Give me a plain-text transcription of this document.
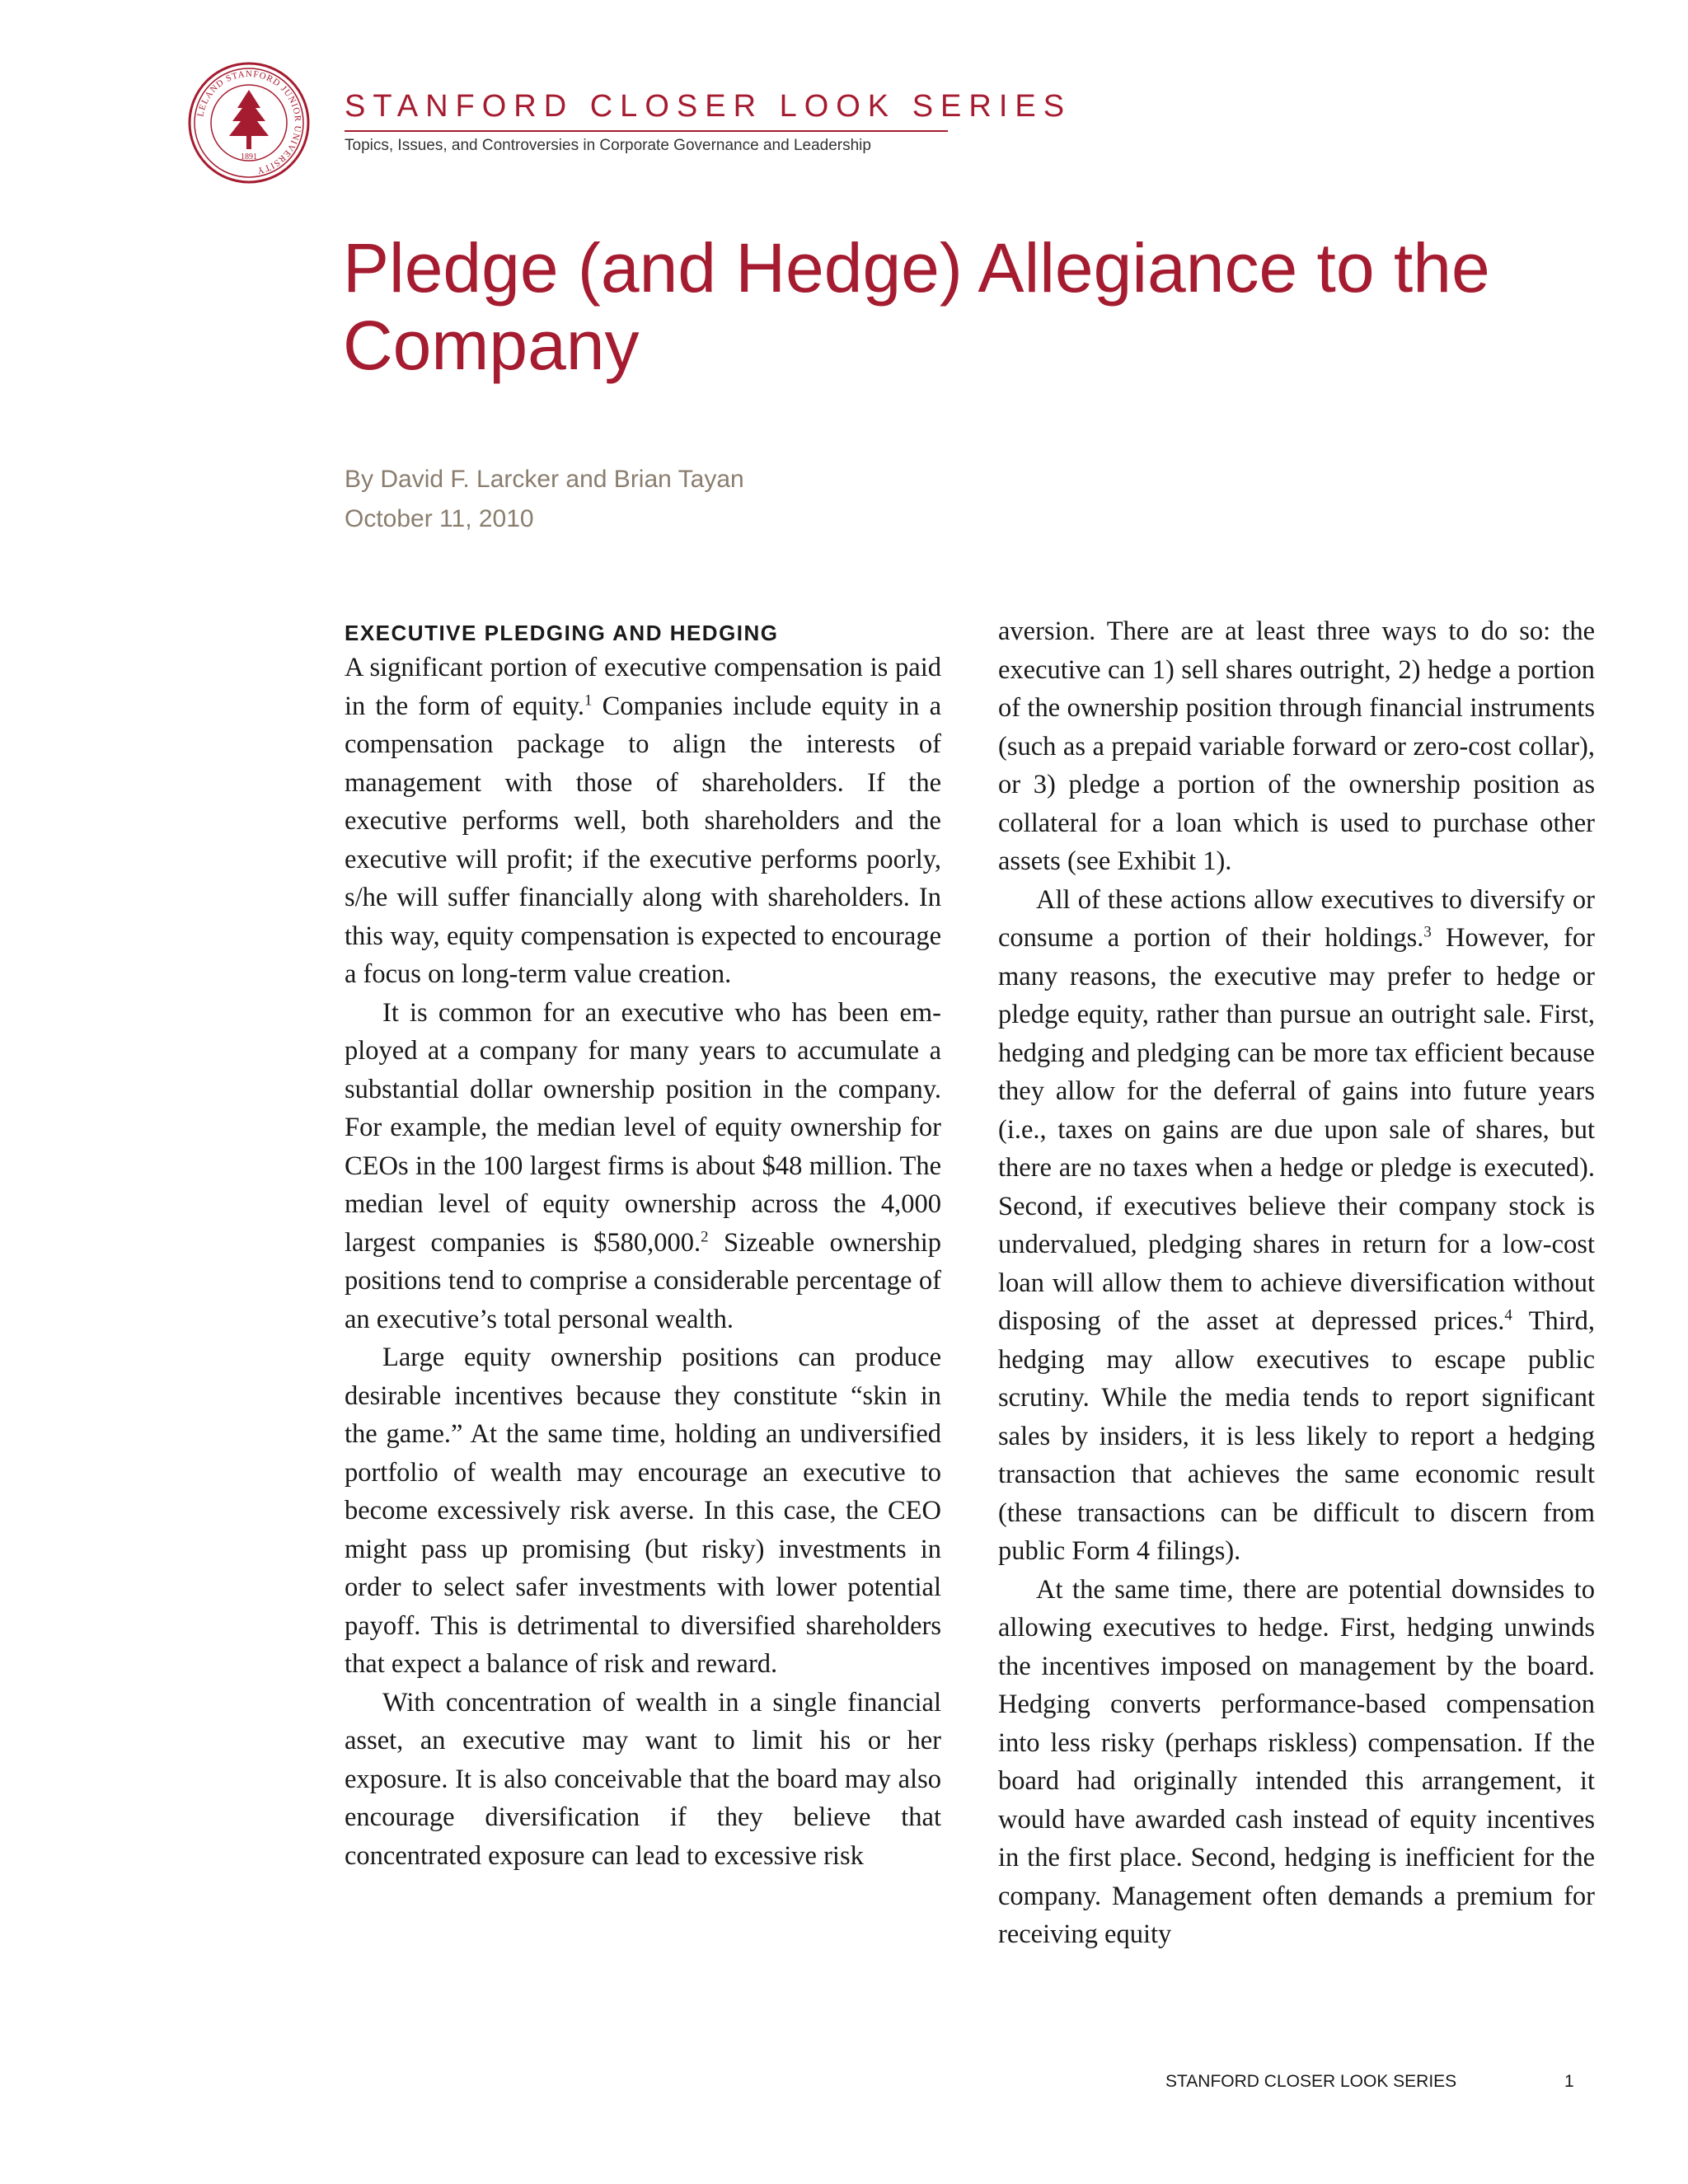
LELAND STANFORD JUNIOR UNIVERSITY
1891
STANFORD CLOSER LOOK SERIES
Topics, Issues, and Controversies in Corporate Governance and Leadership
Pledge (and Hedge) Allegiance to the Company
By David F. Larcker and Brian Tayan
October 11, 2010
EXECUTIVE PLEDGING AND HEDGING

A significant portion of executive compensation is paid in the form of equity.$^1$ Companies include equity in a compensation package to align the interests of management with those of shareholders. If the executive performs well, both shareholders and the executive will profit; if the executive performs poorly, s/he will suffer financially along with shareholders. In this way, equity compensation is expected to encourage a focus on long-term value creation.

It is common for an executive who has been employed at a company for many years to accumulate a substantial dollar ownership position in the company. For example, the median level of equity ownership for CEOs in the 100 largest firms is about $48 million. The median level of equity ownership across the 4,000 largest companies is $580,000.$^2$ Sizeable ownership positions tend to comprise a considerable percentage of an executive’s total personal wealth.

Large equity ownership positions can produce desirable incentives because they constitute “skin in the game.” At the same time, holding an undiversified portfolio of wealth may encourage an executive to become excessively risk averse. In this case, the CEO might pass up promising (but risky) investments in order to select safer investments with lower potential payoff. This is detrimental to diversified shareholders that expect a balance of risk and reward.

With concentration of wealth in a single financial asset, an executive may want to limit his or her exposure. It is also conceivable that the board may also encourage diversification if they believe that concentrated exposure can lead to excessive risk

aversion. There are at least three ways to do so: the executive can 1) sell shares outright, 2) hedge a portion of the ownership position through financial instruments (such as a prepaid variable forward or zero-cost collar), or 3) pledge a portion of the ownership position as collateral for a loan which is used to purchase other assets (see Exhibit 1).

All of these actions allow executives to diversify or consume a portion of their holdings.$^3$ However, for many reasons, the executive may prefer to hedge or pledge equity, rather than pursue an outright sale. First, hedging and pledging can be more tax efficient because they allow for the deferral of gains into future years (i.e., taxes on gains are due upon sale of shares, but there are no taxes when a hedge or pledge is executed). Second, if executives believe their company stock is undervalued, pledging shares in return for a low-cost loan will allow them to achieve diversification without disposing of the asset at depressed prices.$^4$ Third, hedging may allow executives to escape public scrutiny. While the media tends to report significant sales by insiders, it is less likely to report a hedging transaction that achieves the same economic result (these transactions can be difficult to discern from public Form 4 filings).

At the same time, there are potential downsides to allowing executives to hedge. First, hedging unwinds the incentives imposed on management by the board. Hedging converts performance-based compensation into less risky (perhaps riskless) compensation. If the board had originally intended this arrangement, it would have awarded cash instead of equity incentives in the first place. Second, hedging is inefficient for the company. Management often demands a premium for receiving equity

STANFORD CLOSER LOOK SERIES	1
